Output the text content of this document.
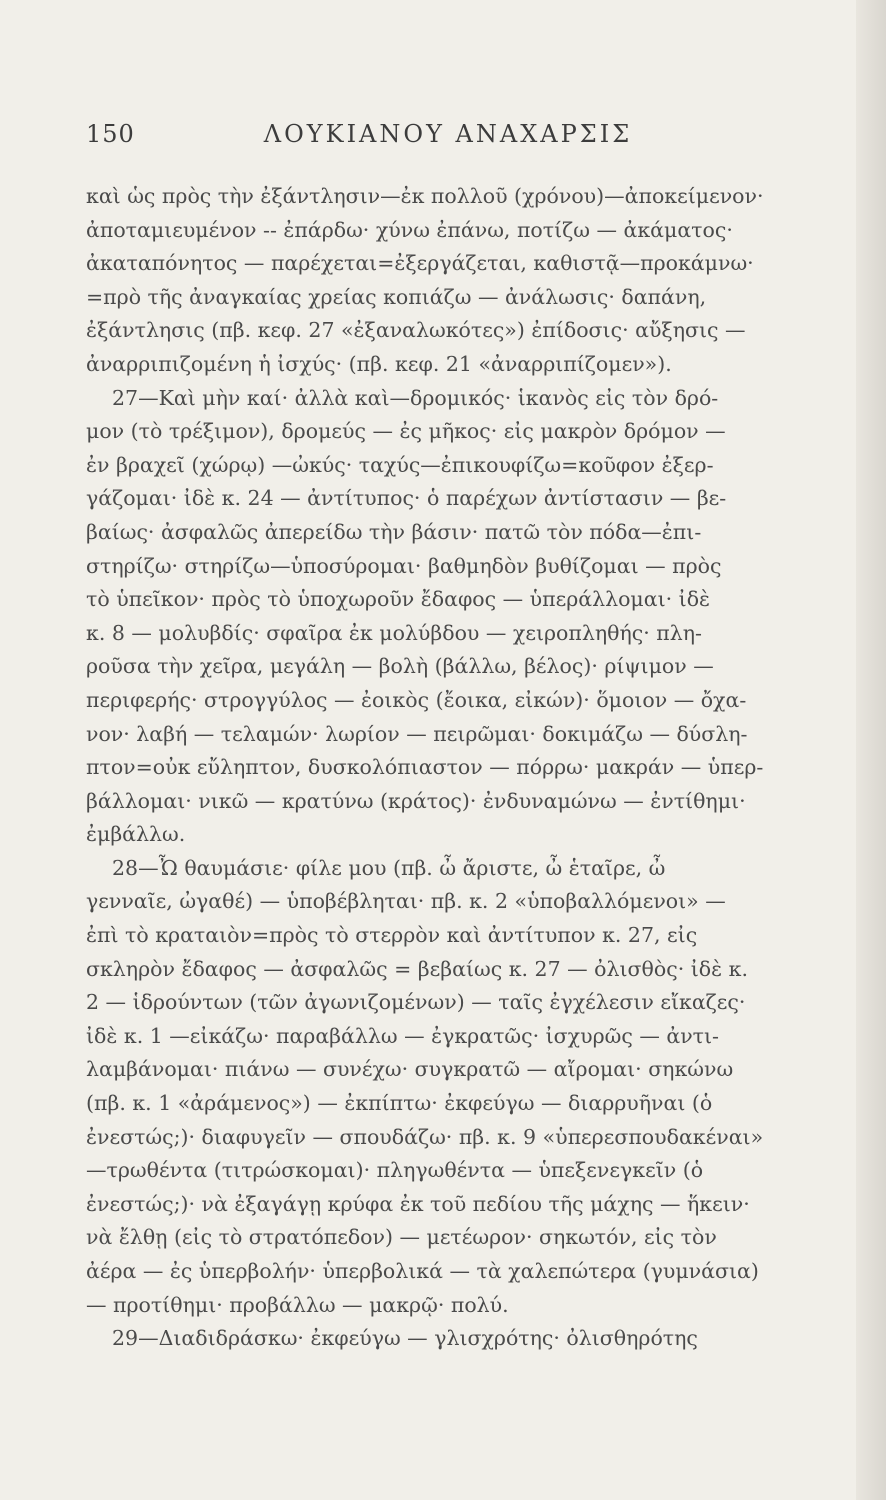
150	ΛΟΥΚΙΑΝΟΥ ΑΝΑΧΑΡΣΙΣ
καὶ ὡς πρὸς τὴν ἐξάντλησιν—ἐκ πολλοῦ (χρόνου)—ἀποκείμενον·
ἀποταμιευμένον -- ἐπάρδω· χύνω ἐπάνω, ποτίζω — ἀκάματος·
ἀκαταπόνητος — παρέχεται=ἐξεργάζεται, καθιστᾷ—προκάμνω·
=πρὸ τῆς ἀναγκαίας χρείας κοπιάζω — ἀνάλωσις· δαπάνη,
ἐξάντλησις (πβ. κεφ. 27 «ἐξαναλωκότες») ἐπίδοσις· αὔξησις —
ἀναρριπιζομένη ἡ ἰσχύς· (πβ. κεφ. 21 «ἀναρριπίζομεν»).
27—Καὶ μὴν καί· ἀλλὰ καὶ—δρομικός· ἱκανὸς εἰς τὸν δρό-
μον (τὸ τρέξιμον), δρομεύς — ἐς μῆκος· εἰς μακρὸν δρόμον —
ἐν βραχεῖ (χώρῳ) —ὠκύς· ταχύς—ἐπικουφίζω=κοῦφον ἐξερ-
γάζομαι· ἰδὲ κ. 24 — ἀντίτυπος· ὁ παρέχων ἀντίστασιν — βε-
βαίως· ἀσφαλῶς ἀπερείδω τὴν βάσιν· πατῶ τὸν πόδα—ἐπι-
στηρίζω· στηρίζω—ὑποσύρομαι· βαθμηδὸν βυθίζομαι — πρὸς
τὸ ὑπεῖκον· πρὸς τὸ ὑποχωροῦν ἔδαφος — ὑπεράλλομαι· ἰδὲ
κ. 8 — μολυβδίς· σφαῖρα ἐκ μολύβδου — χειροπληθής· πλη-
ροῦσα τὴν χεῖρα, μεγάλη — βολὴ (βάλλω, βέλος)· ρίψιμον —
περιφερής· στρογγύλος — ἐοικὸς (ἔοικα, εἰκών)· ὅμοιον — ὄχα-
νον· λαβή — τελαμών· λωρίον — πειρῶμαι· δοκιμάζω — δύσλη-
πτον=οὐκ εὔληπτον, δυσκολόπιαστον — πόρρω· μακράν — ὑπερ-
βάλλομαι· νικῶ — κρατύνω (κράτος)· ἐνδυναμώνω — ἐντίθημι·
ἐμβάλλω.
28—Ὦ θαυμάσιε· φίλε μου (πβ. ὦ ἄριστε, ὦ ἑταῖρε, ὦ
γενναῖε, ὠγαθέ) — ὑποβέβληται· πβ. κ. 2 «ὑποβαλλόμενοι» —
ἐπὶ τὸ κραταιὸν=πρὸς τὸ στερρὸν καὶ ἀντίτυπον κ. 27, εἰς
σκληρὸν ἔδαφος — ἀσφαλῶς = βεβαίως κ. 27 — ὀλισθὸς· ἰδὲ κ.
2 — ἱδρούντων (τῶν ἀγωνιζομένων) — ταῖς ἐγχέλεσιν εἴκαζες·
ἰδὲ κ. 1 —εἰκάζω· παραβάλλω — ἐγκρατῶς· ἰσχυρῶς — ἀντι-
λαμβάνομαι· πιάνω — συνέχω· συγκρατῶ — αἴρομαι· σηκώνω
(πβ. κ. 1 «ἀράμενος») — ἐκπίπτω· ἐκφεύγω — διαρρυῆναι (ὁ
ἐνεστώς;)· διαφυγεῖν — σπουδάζω· πβ. κ. 9 «ὑπερεσπουδακέναι»
—τρωθέντα (τιτρώσκομαι)· πληγωθέντα — ὑπεξενεγκεῖν (ὁ
ἐνεστώς;)· νὰ ἐξαγάγῃ κρύφα ἐκ τοῦ πεδίου τῆς μάχης — ἥκειν·
νὰ ἔλθῃ (εἰς τὸ στρατόπεδον) — μετέωρον· σηκωτόν, εἰς τὸν
ἀέρα — ἐς ὑπερβολήν· ὑπερβολικά — τὰ χαλεπώτερα (γυμνάσια)
— προτίθημι· προβάλλω — μακρῷ· πολύ.
29—Διαδιδράσκω· ἐκφεύγω — γλισχρότης· ὀλισθηρότης
